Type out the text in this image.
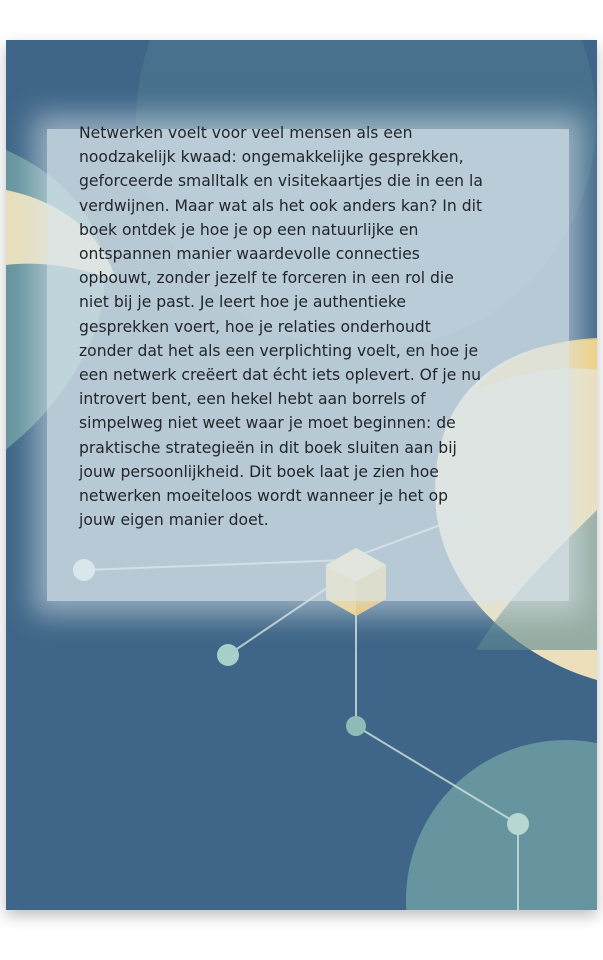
Netwerken voelt voor veel mensen als een
noodzakelijk kwaad: ongemakkelijke gesprekken,
geforceerde smalltalk en visitekaartjes die in een la
verdwijnen. Maar wat als het ook anders kan? In dit
boek ontdek je hoe je op een natuurlijke en
ontspannen manier waardevolle connecties
opbouwt, zonder jezelf te forceren in een rol die
niet bij je past. Je leert hoe je authentieke
gesprekken voert, hoe je relaties onderhoudt
zonder dat het als een verplichting voelt, en hoe je
een netwerk creëert dat écht iets oplevert. Of je nu
introvert bent, een hekel hebt aan borrels of
simpelweg niet weet waar je moet beginnen: de
praktische strategieën in dit boek sluiten aan bij
jouw persoonlijkheid. Dit boek laat je zien hoe
netwerken moeiteloos wordt wanneer je het op
jouw eigen manier doet.
